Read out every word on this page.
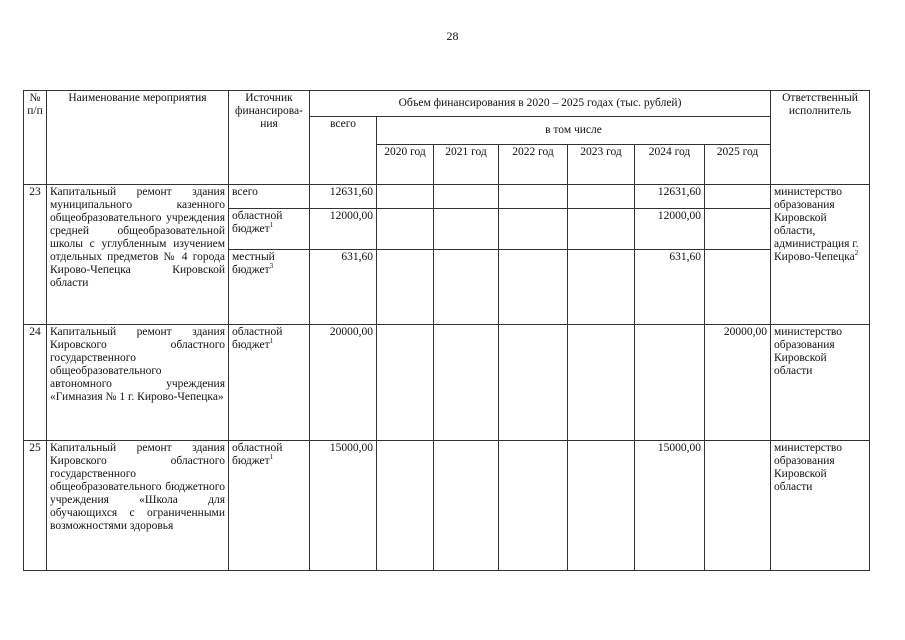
28
№ п/п	Наименование мероприятия	Источник финансирова-ния	Объем финансирования в 2020 – 2025 годах (тыс. рублей)							Ответственный исполнитель
			всего	в том числе						
				2020 год	2021 год	2022 год	2023 год	2024 год	2025 год	
23	Капитальный ремонт здания муниципального казенного общеобразовательного учреждения средней общеобразовательной школы с углубленным изучением отдельных предметов № 4 города Кирово-Чепецка Кировской области	всего	12631,60					12631,60		министерство образования Кировской области, администрация г. Кирово-Чепецка$^2$
		областной бюджет$^1$	12000,00					12000,00		
		местный бюджет$^3$	631,60					631,60		
24	Капитальный ремонт здания Кировского областного государственного общеобразовательного автономного учреждения «Гимназия № 1 г. Кирово-Чепецка»	областной бюджет$^1$	20000,00						20000,00	министерство образования Кировской области
25	Капитальный ремонт здания Кировского областного государственного общеобразовательного бюджетного учреждения «Школа для обучающихся с ограниченными возможностями здоровья	областной бюджет$^1$	15000,00					15000,00		министерство образования Кировской области
